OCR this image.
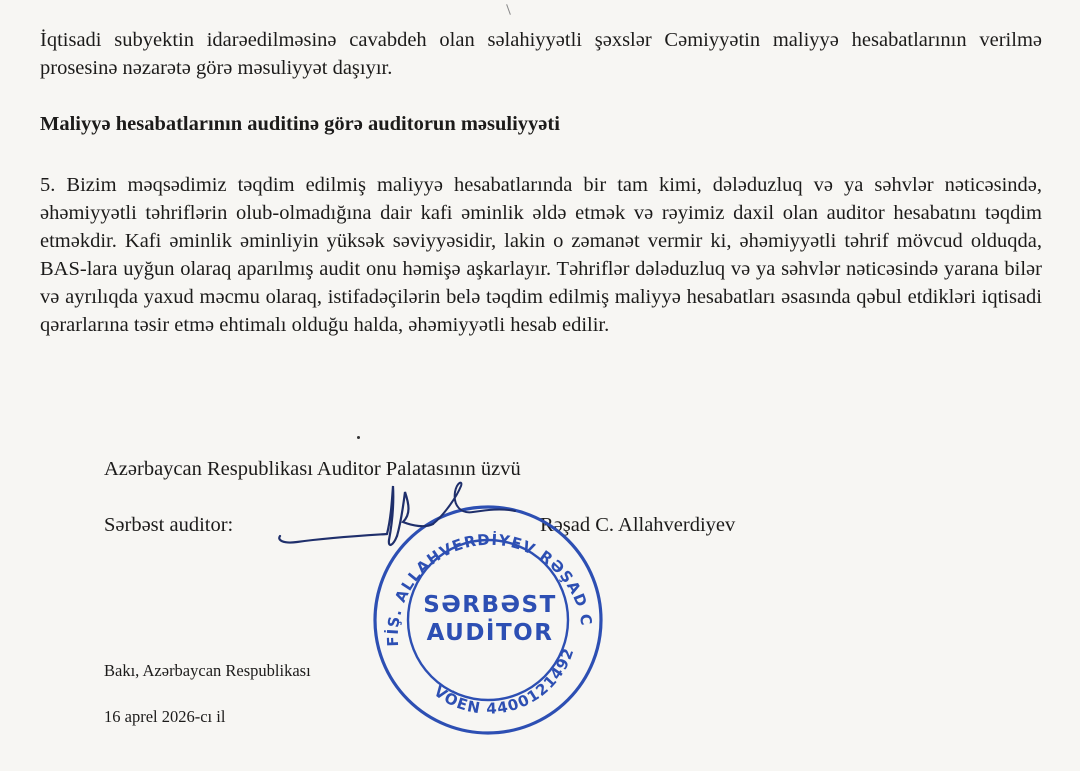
İqtisadi subyektin idarəedilməsinə cavabdeh olan səlahiyyətli şəxslər Cəmiyyətin maliyyə hesabatlarının verilmə prosesinə nəzarətə görə məsuliyyət daşıyır.

Maliyyə hesabatlarının auditinə görə auditorun məsuliyyəti

5. Bizim məqsədimiz təqdim edilmiş maliyyə hesabatlarında bir tam kimi, dələduzluq və ya səhvlər nəticəsində, əhəmiyyətli təhriflərin olub-olmadığına dair kafi əminlik əldə etmək və rəyimiz daxil olan auditor hesabatını təqdim etməkdir. Kafi əminlik əminliyin yüksək səviyyəsidir, lakin o zəmanət vermir ki, əhəmiyyətli təhrif mövcud olduqda, BAS-lara uyğun olaraq aparılmış audit onu həmişə aşkarlayır. Təhriflər dələduzluq və ya səhvlər nəticəsində yarana bilər və ayrılıqda yaxud məcmu olaraq, istifadəçilərin belə təqdim edilmiş maliyyə hesabatları əsasında qəbul etdikləri iqtisadi qərarlarına təsir etmə ehtimalı olduğu halda, əhəmiyyətli hesab edilir.

Azərbaycan Respublikası Auditor Palatasının üzvü

Sərbəst auditor:	Rəşad C. Allahverdiyev

Bakı, Azərbaycan Respublikası

16 aprel 2026-cı il

FİŞ. ALLAHVERDİYEV RƏŞAD CAMAL OĞLU
VÖEN 4400121492
SƏRBƏST
AUDİTOR
